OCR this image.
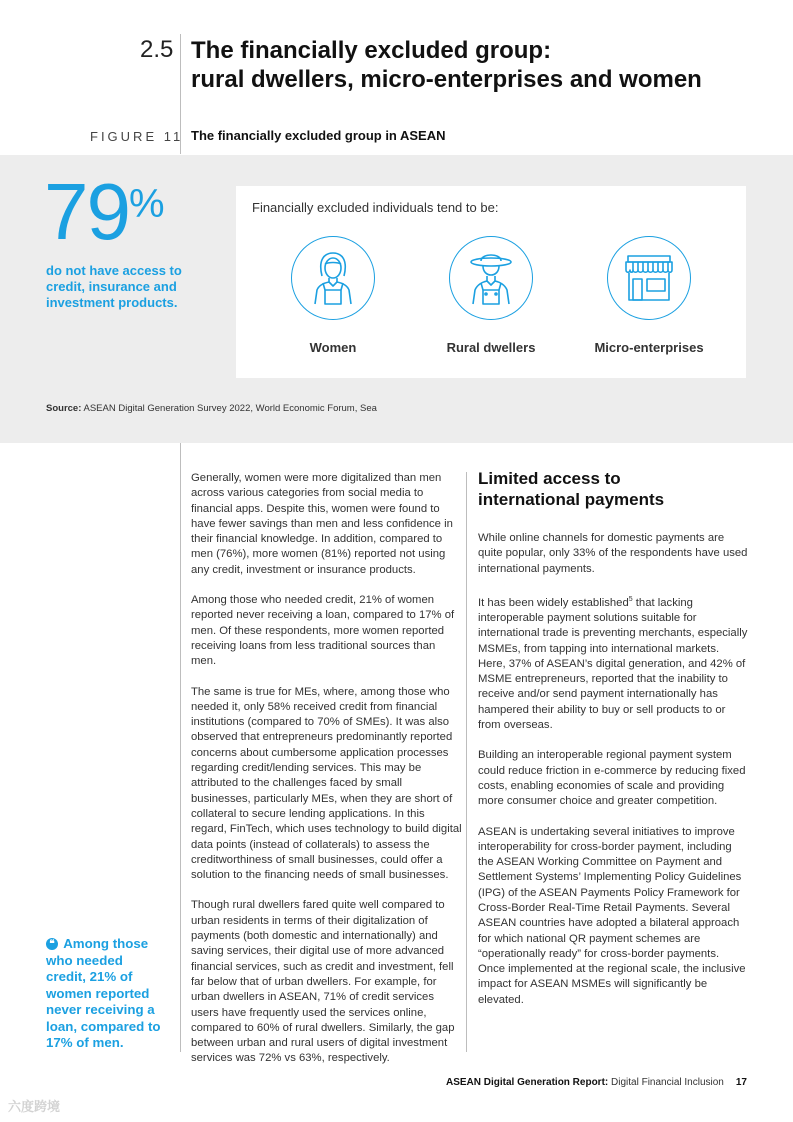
2.5 The financially excluded group:
rural dwellers, micro-enterprises and women
FIGURE 11 The financially excluded group in ASEAN
79%
do not have access to credit, insurance and investment products.
Financially excluded individuals tend to be:
Women	Rural dwellers	Micro-enterprises
Source: ASEAN Digital Generation Survey 2022, World Economic Forum, Sea
❝ Among those who needed credit, 21% of women reported never receiving a loan, compared to 17% of men.

Generally, women were more digitalized than men across various categories from social media to financial apps. Despite this, women were found to have fewer savings than men and less confidence in their financial knowledge. In addition, compared to men (76%), more women (81%) reported not using any credit, investment or insurance products.

Among those who needed credit, 21% of women reported never receiving a loan, compared to 17% of men. Of these respondents, more women reported receiving loans from less traditional sources than men.

The same is true for MEs, where, among those who needed it, only 58% received credit from financial institutions (compared to 70% of SMEs). It was also observed that entrepreneurs predominantly reported concerns about cumbersome application processes regarding credit/lending services. This may be attributed to the challenges faced by small businesses, particularly MEs, when they are short of collateral to secure lending applications. In this regard, FinTech, which uses technology to build digital data points (instead of collaterals) to assess the creditworthiness of small businesses, could offer a solution to the financing needs of small businesses.

Though rural dwellers fared quite well compared to urban residents in terms of their digitalization of payments (both domestic and internationally) and saving services, their digital use of more advanced financial services, such as credit and investment, fell far below that of urban dwellers. For example, for urban dwellers in ASEAN, 71% of credit services users have frequently used the services online, compared to 60% of rural dwellers. Similarly, the gap between urban and rural users of digital investment services was 72% vs 63%, respectively.

Limited access to
international payments

While online channels for domestic payments are quite popular, only 33% of the respondents have used international payments.

It has been widely established$^5$ that lacking interoperable payment solutions suitable for international trade is preventing merchants, especially MSMEs, from tapping into international markets. Here, 37% of ASEAN’s digital generation, and 42% of MSME entrepreneurs, reported that the inability to receive and/or send payment internationally has hampered their ability to buy or sell products to or from overseas.

Building an interoperable regional payment system could reduce friction in e-commerce by reducing fixed costs, enabling economies of scale and providing more consumer choice and greater competition.

ASEAN is undertaking several initiatives to improve interoperability for cross-border payment, including the ASEAN Working Committee on Payment and Settlement Systems’ Implementing Policy Guidelines (IPG) of the ASEAN Payments Policy Framework for Cross-Border Real-Time Retail Payments. Several ASEAN countries have adopted a bilateral approach for which national QR payment schemes are “operationally ready” for cross-border payments. Once implemented at the regional scale, the inclusive impact for ASEAN MSMEs will significantly be elevated.

ASEAN Digital Generation Report: Digital Financial Inclusion 17
六度跨境
